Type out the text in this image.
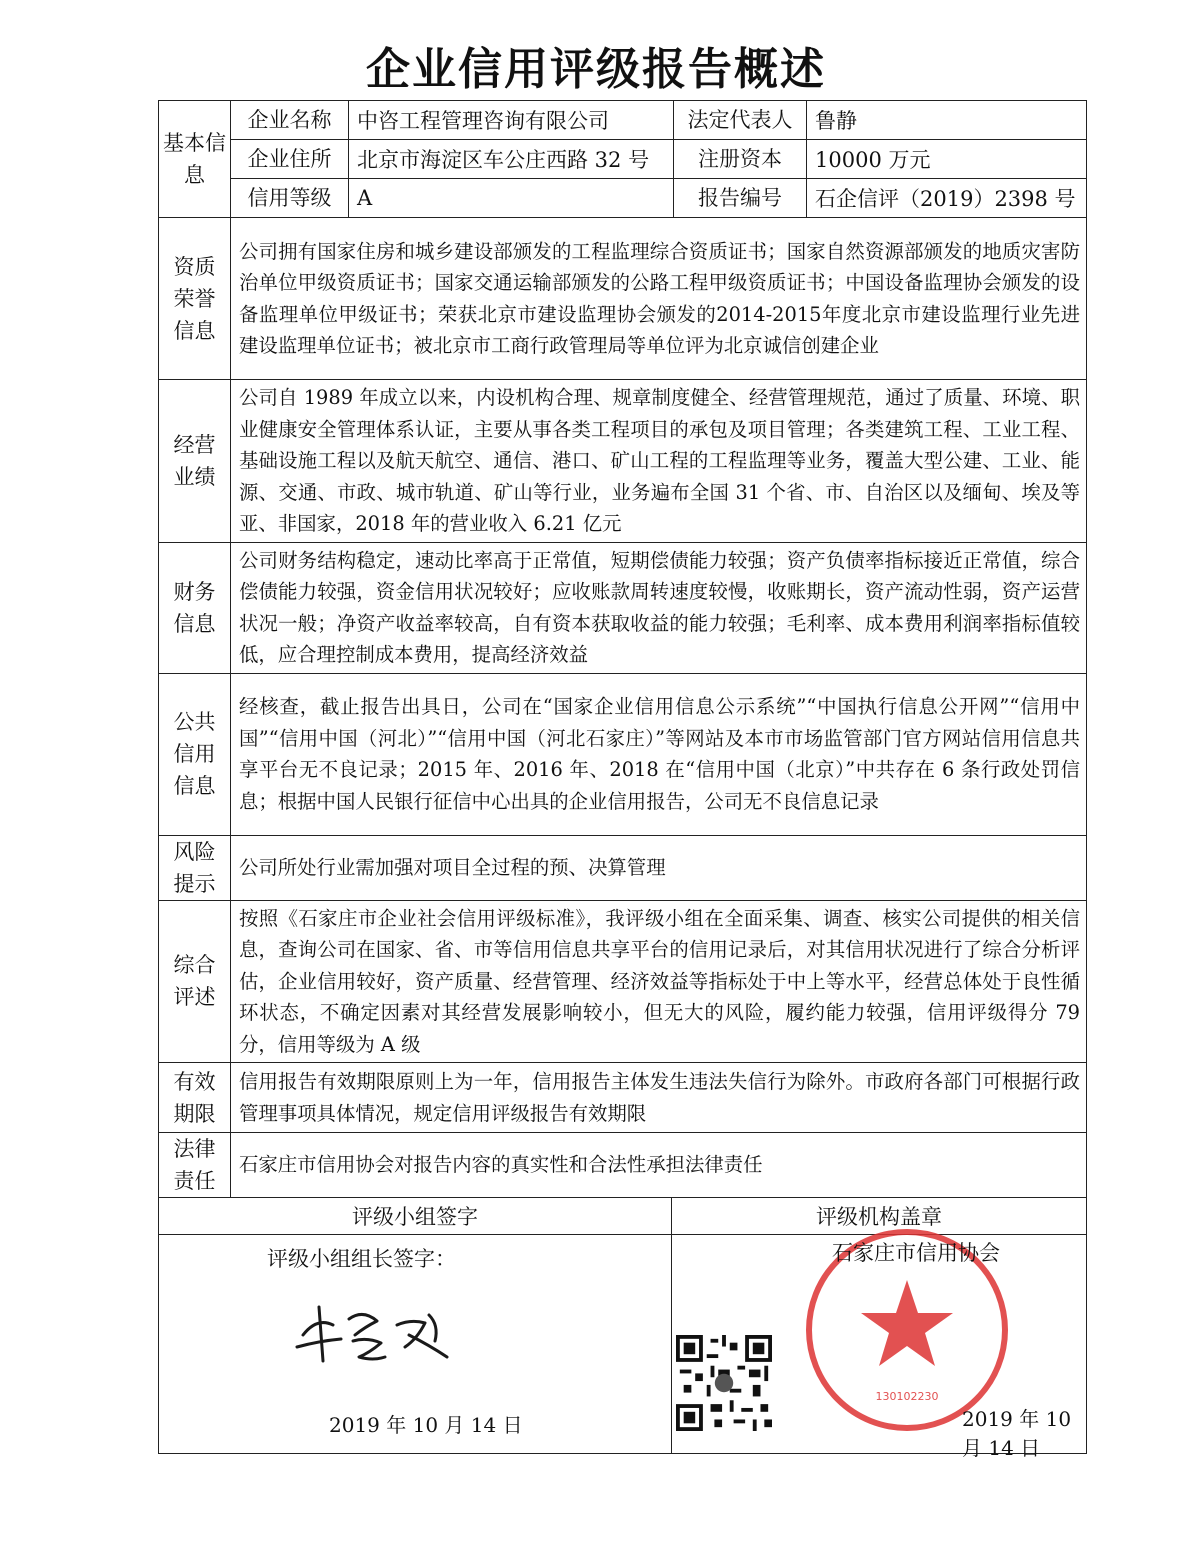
企业信用评级报告概述
基本信息	企业名称	中咨工程管理咨询有限公司		法定代表人	鲁静
	企业住所	北京市海淀区车公庄西路 32 号		注册资本	10000 万元
	信用等级	A		报告编号	石企信评（2019）2398 号
资质荣誉信息	公司拥有国家住房和城乡建设部颁发的工程监理综合资质证书；国家自然资源部颁发的地质灾害防治单位甲级资质证书；国家交通运输部颁发的公路工程甲级资质证书；中国设备监理协会颁发的设备监理单位甲级证书；荣获北京市建设监理协会颁发的2014-2015年度北京市建设监理行业先进建设监理单位证书；被北京市工商行政管理局等单位评为北京诚信创建企业				
经营业绩	公司自 1989 年成立以来，内设机构合理、规章制度健全、经营管理规范，通过了质量、环境、职业健康安全管理体系认证，主要从事各类工程项目的承包及项目管理；各类建筑工程、工业工程、基础设施工程以及航天航空、通信、港口、矿山工程的工程监理等业务，覆盖大型公建、工业、能源、交通、市政、城市轨道、矿山等行业，业务遍布全国 31 个省、市、自治区以及缅甸、埃及等亚、非国家，2018 年的营业收入 6.21 亿元				
财务信息	公司财务结构稳定，速动比率高于正常值，短期偿债能力较强；资产负债率指标接近正常值，综合偿债能力较强，资金信用状况较好；应收账款周转速度较慢，收账期长，资产流动性弱，资产运营状况一般；净资产收益率较高，自有资本获取收益的能力较强；毛利率、成本费用利润率指标值较低，应合理控制成本费用，提高经济效益				
公共信用信息	经核查，截止报告出具日，公司在“国家企业信用信息公示系统”“中国执行信息公开网”“信用中国”“信用中国（河北）”“信用中国（河北石家庄）”等网站及本市市场监管部门官方网站信用信息共享平台无不良记录；2015 年、2016 年、2018 在“信用中国（北京）”中共存在 6 条行政处罚信息；根据中国人民银行征信中心出具的企业信用报告，公司无不良信息记录				
风险提示	公司所处行业需加强对项目全过程的预、决算管理				
综合评述	按照《石家庄市企业社会信用评级标准》，我评级小组在全面采集、调查、核实公司提供的相关信息，查询公司在国家、省、市等信用信息共享平台的信用记录后，对其信用状况进行了综合分析评估，企业信用较好，资产质量、经营管理、经济效益等指标处于中上等水平，经营总体处于良性循环状态，不确定因素对其经营发展影响较小，但无大的风险，履约能力较强，信用评级得分 79 分，信用等级为 A 级				
有效期限	信用报告有效期限原则上为一年，信用报告主体发生违法失信行为除外。市政府各部门可根据行政管理事项具体情况，规定信用评级报告有效期限				
法律责任	石家庄市信用协会对报告内容的真实性和合法性承担法律责任				
评级小组签字			评级机构盖章		

评级小组组长签字：
2019 年 10 月 14 日			130102230
石家庄市信用协会
2019 年 10 月 14 日		
